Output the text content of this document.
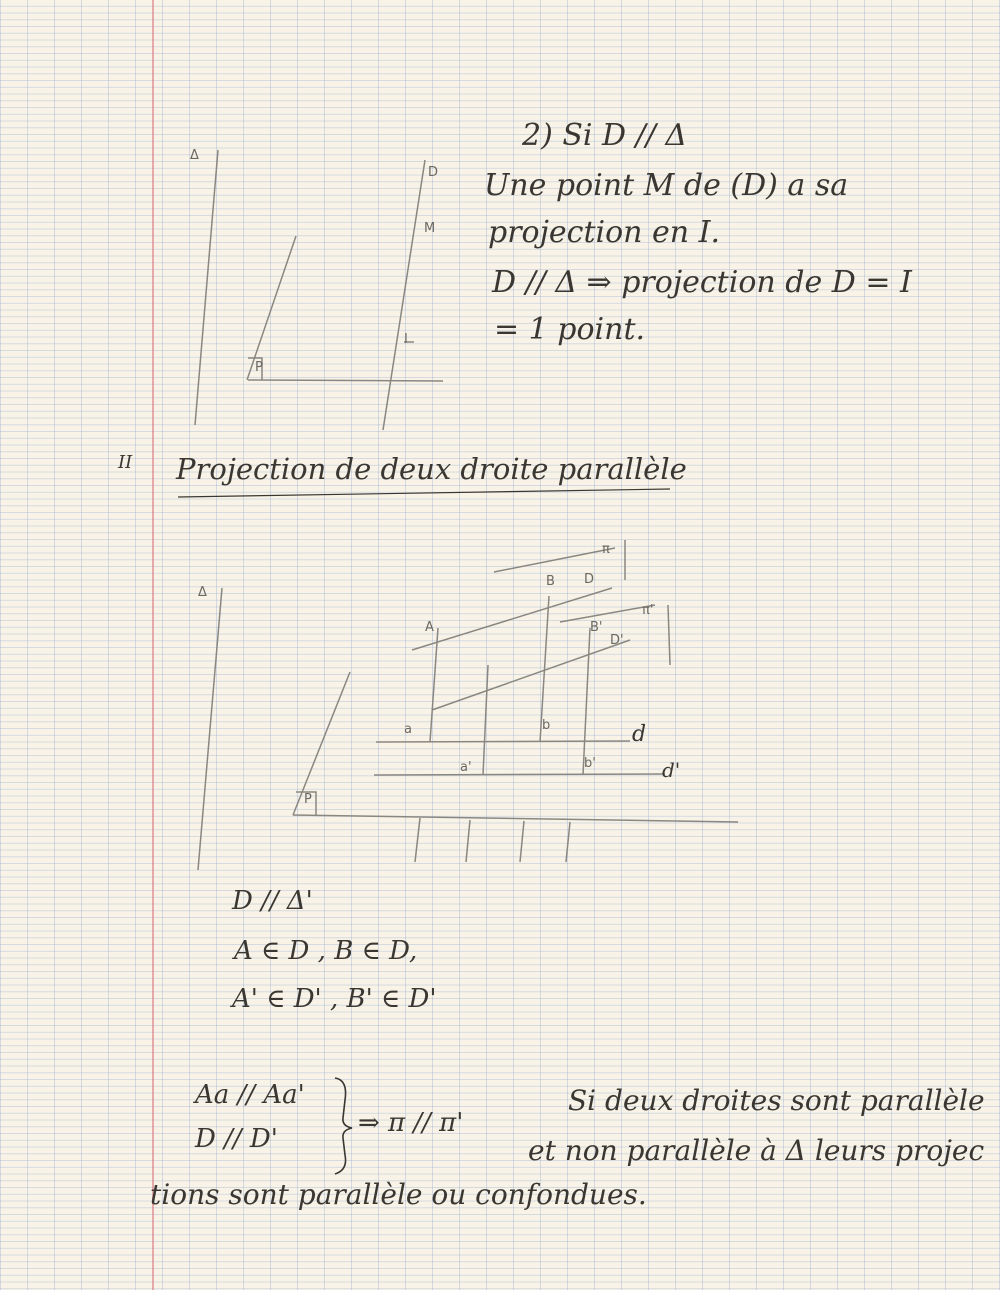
Δ
D
M
I
P
2) Si D // Δ
Une point M de (D) a sa
projection en I.
D // Δ ⇒ projection de D = I
= 1 point.
II Projection de deux droite parallèle
Δ
π
π'
B D
B'
D'
A
a	b	d
a'	b'	d'
P
D // Δ'
A ∈ D , B ∈ D,
A' ∈ D' , B' ∈ D'
Aa // Aa'
D // D'
⇒ π // π'
Si deux droites sont parallèle
et non parallèle à Δ leurs projec
tions sont parallèle ou confondues.
